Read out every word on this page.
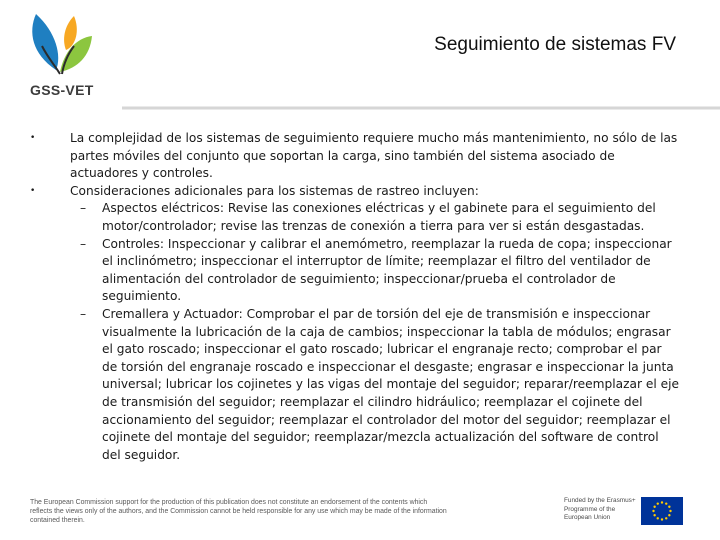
GSS-VET
Seguimiento de sistemas FV
•	La complejidad de los sistemas de seguimiento requiere mucho más mantenimiento, no sólo de las partes móviles del conjunto que soportan la carga, sino también del sistema asociado de actuadores y controles.
•	Consideraciones adicionales para los sistemas de rastreo incluyen:
– Aspectos eléctricos: Revise las conexiones eléctricas y el gabinete para el seguimiento del motor/controlador; revise las trenzas de conexión a tierra para ver si están desgastadas.
– Controles: Inspeccionar y calibrar el anemómetro, reemplazar la rueda de copa; inspeccionar el inclinómetro; inspeccionar el interruptor de límite; reemplazar el filtro del ventilador de alimentación del controlador de seguimiento; inspeccionar/prueba el controlador de seguimiento.
– Cremallera y Actuador: Comprobar el par de torsión del eje de transmisión e inspeccionar visualmente la lubricación de la caja de cambios; inspeccionar la tabla de módulos; engrasar el gato roscado; inspeccionar el gato roscado; lubricar el engranaje recto; comprobar el par de torsión del engranaje roscado e inspeccionar el desgaste; engrasar e inspeccionar la junta universal; lubricar los cojinetes y las vigas del montaje del seguidor; reparar/reemplazar el eje de transmisión del seguidor; reemplazar el cilindro hidráulico; reemplazar el cojinete del accionamiento del seguidor; reemplazar el controlador del motor del seguidor; reemplazar el cojinete del montaje del seguidor; reemplazar/mezcla actualización del software de control del seguidor.
The European Commission support for the production of this publication does not constitute an endorsement of the contents which reflects the views only of the authors, and the Commission cannot be held responsible for any use which may be made of the information contained therein.
Funded by the Erasmus+ Programme of the European Union
